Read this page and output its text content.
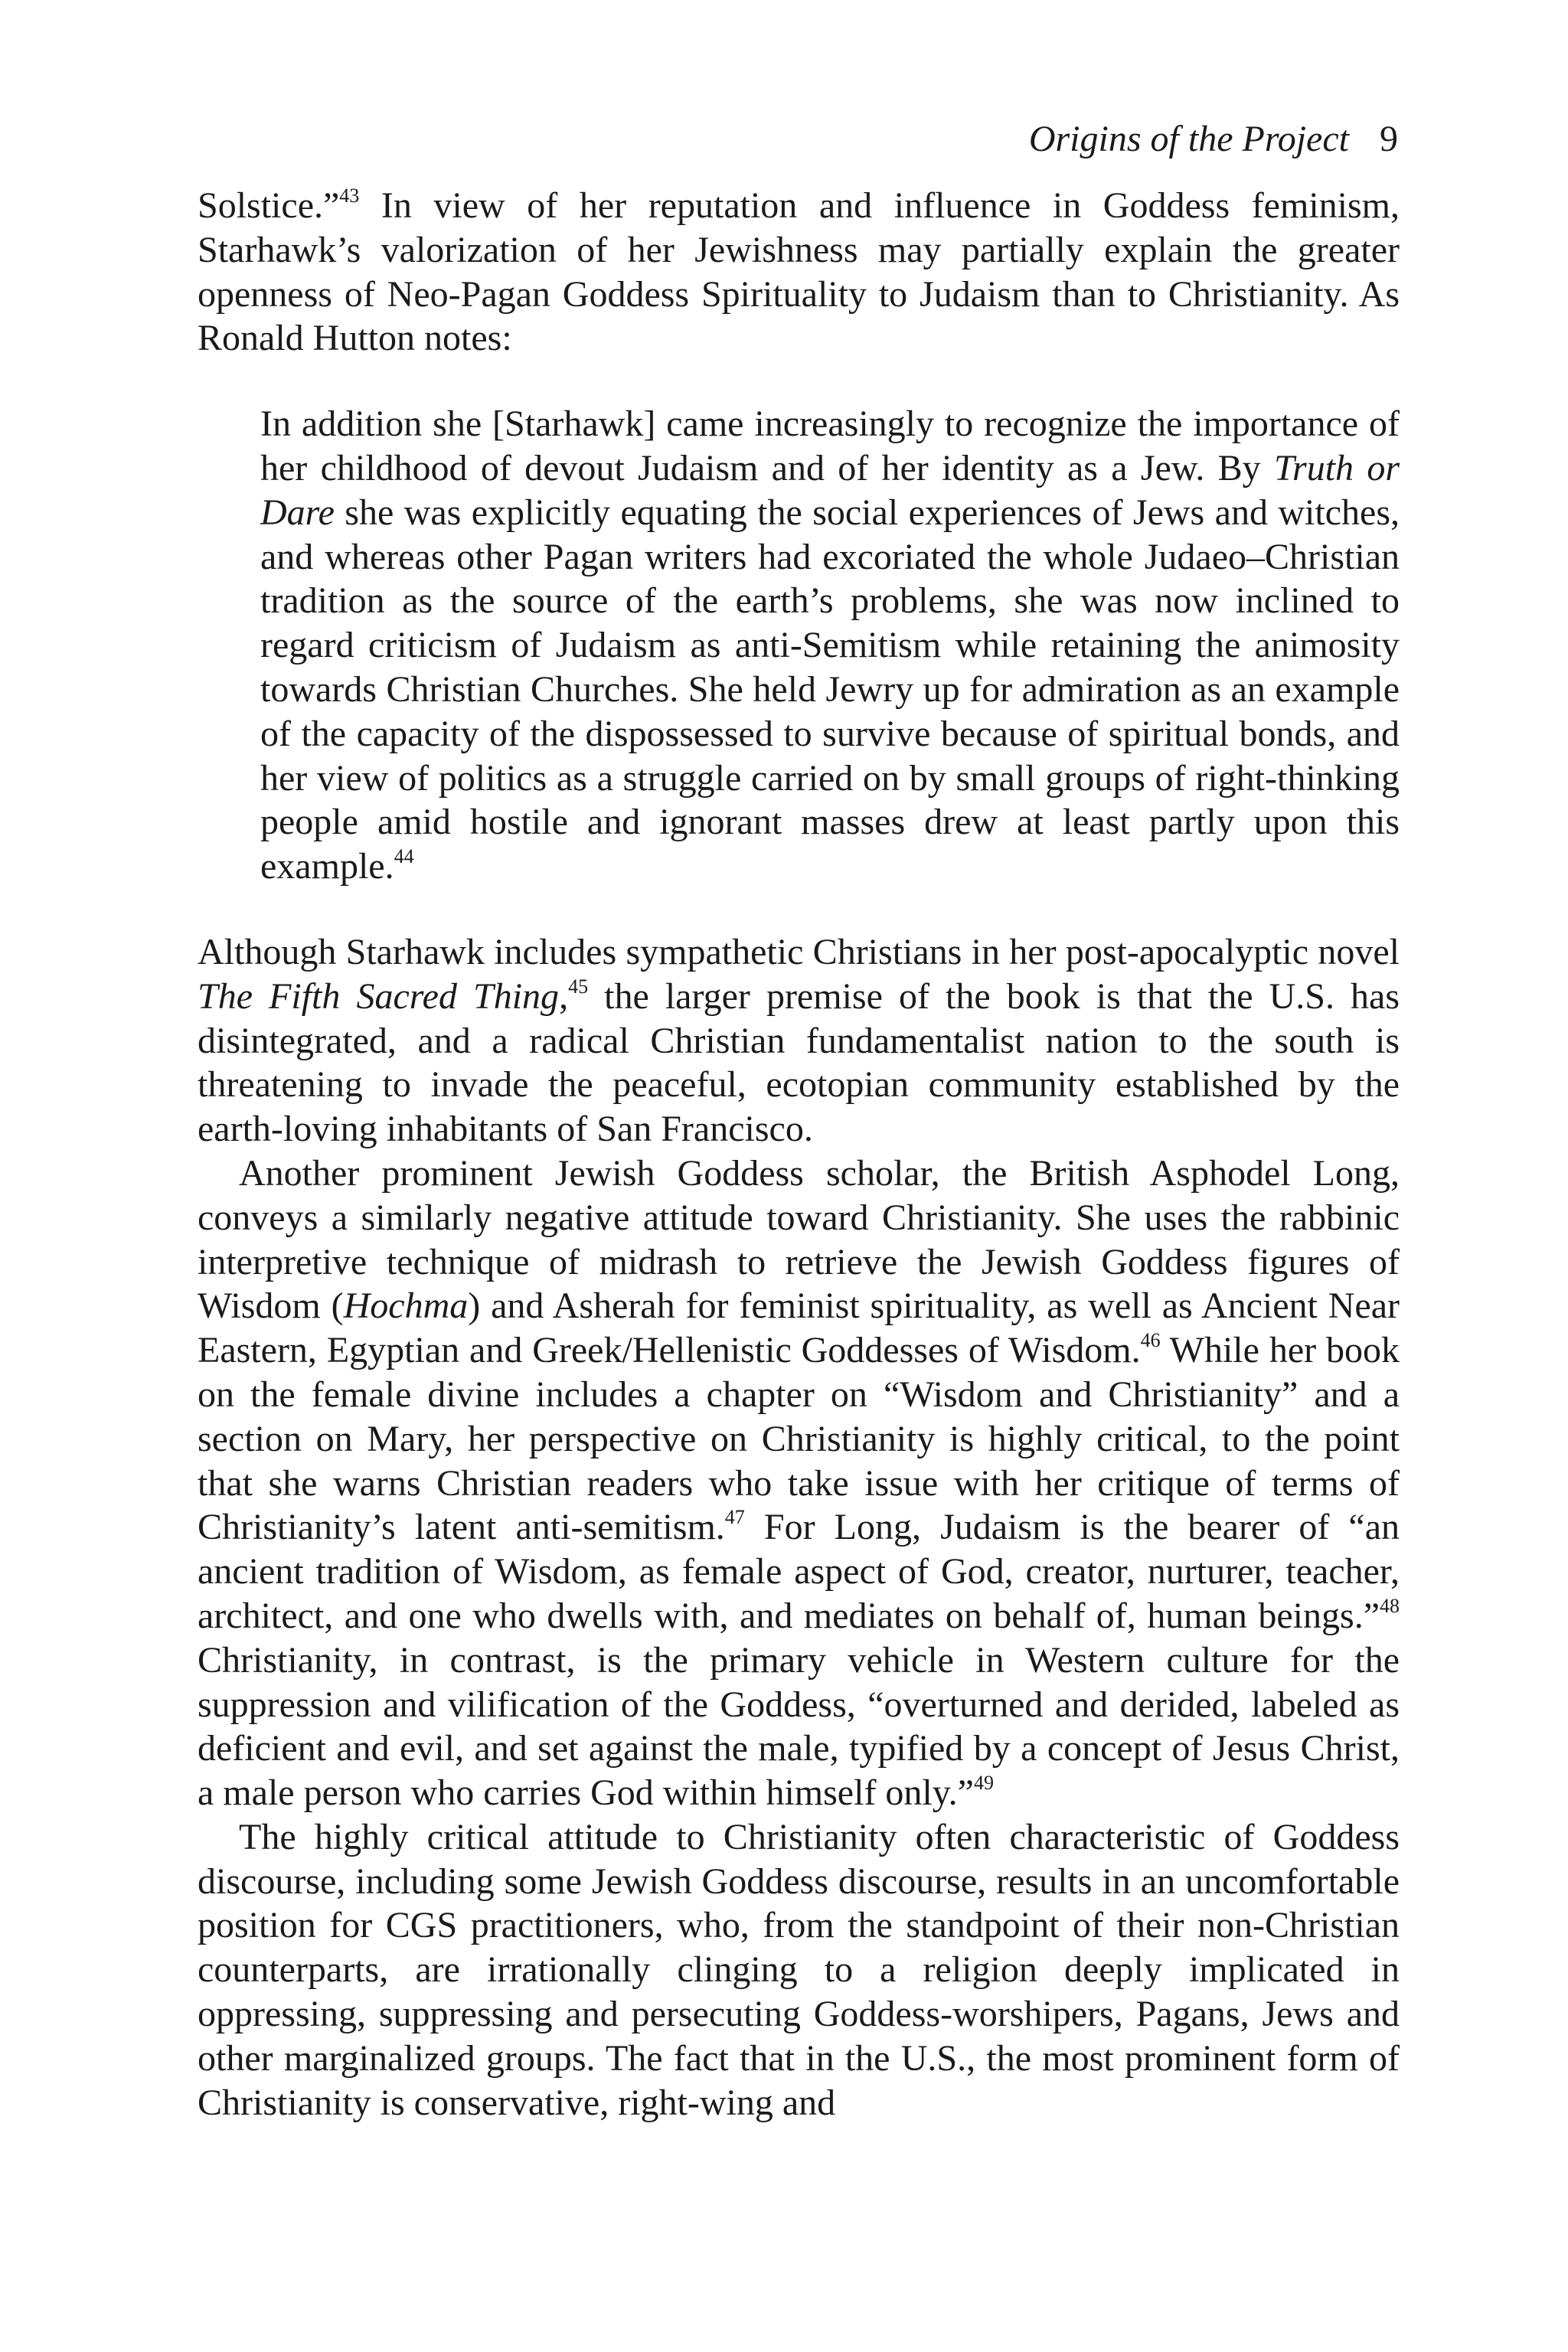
Origins of the Project 9

Solstice.”$^{43}$ In view of her reputation and influence in Goddess feminism, Starhawk’s valorization of her Jewishness may partially explain the greater openness of Neo-Pagan Goddess Spirituality to Judaism than to Christianity. As Ronald Hutton notes:

In addition she [Starhawk] came increasingly to recognize the importance of her childhood of devout Judaism and of her identity as a Jew. By Truth or Dare she was explicitly equating the social experiences of Jews and witches, and whereas other Pagan writers had excoriated the whole Judaeo–Christian tradition as the source of the earth’s problems, she was now inclined to regard criticism of Judaism as anti-Semitism while retaining the animosity towards Christian Churches. She held Jewry up for admiration as an example of the capacity of the dispossessed to survive because of spiritual bonds, and her view of politics as a struggle carried on by small groups of right-thinking people amid hostile and ignorant masses drew at least partly upon this example.$^{44}$

Although Starhawk includes sympathetic Christians in her post-apocalyptic novel The Fifth Sacred Thing,$^{45}$ the larger premise of the book is that the U.S. has disintegrated, and a radical Christian fundamentalist nation to the south is threatening to invade the peaceful, ecotopian community established by the earth-loving inhabitants of San Francisco.

Another prominent Jewish Goddess scholar, the British Asphodel Long, conveys a similarly negative attitude toward Christianity. She uses the rabbinic interpretive technique of midrash to retrieve the Jewish Goddess figures of Wisdom (Hochma) and Asherah for feminist spirituality, as well as Ancient Near Eastern, Egyptian and Greek/Hellenistic Goddesses of Wisdom.$^{46}$ While her book on the female divine includes a chapter on “Wisdom and Christianity” and a section on Mary, her perspective on Christianity is highly critical, to the point that she warns Christian readers who take issue with her critique of terms of Christianity’s latent anti-semitism.$^{47}$ For Long, Judaism is the bearer of “an ancient tradition of Wisdom, as female aspect of God, creator, nurturer, teacher, architect, and one who dwells with, and mediates on behalf of, human beings.”$^{48}$ Christianity, in contrast, is the primary vehicle in Western culture for the suppression and vilification of the Goddess, “overturned and derided, labeled as deficient and evil, and set against the male, typified by a concept of Jesus Christ, a male person who carries God within himself only.”$^{49}$

The highly critical attitude to Christianity often characteristic of Goddess discourse, including some Jewish Goddess discourse, results in an uncomfortable position for CGS practitioners, who, from the standpoint of their non-Christian counterparts, are irrationally clinging to a religion deeply implicated in oppressing, suppressing and persecuting Goddess-worshipers, Pagans, Jews and other marginalized groups. The fact that in the U.S., the most prominent form of Christianity is conservative, right-wing and
